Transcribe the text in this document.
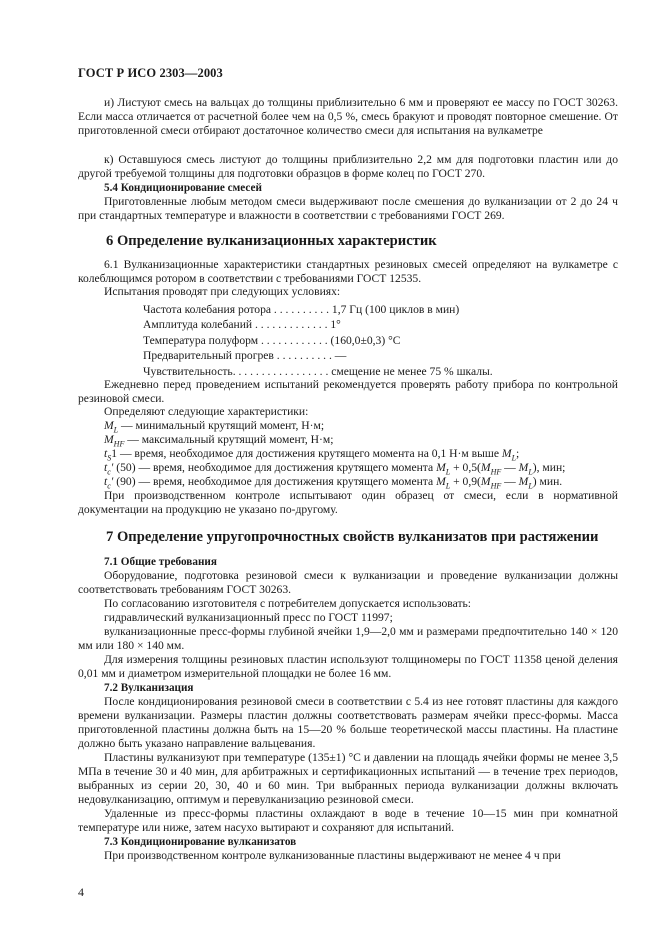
ГОСТ Р ИСО 2303—2003
и) Листуют смесь на вальцах до толщины приблизительно 6 мм и проверяют ее массу по ГОСТ 30263. Если масса отличается от расчетной более чем на 0,5 %, смесь бракуют и проводят повторное смешение. От приготовленной смеси отбирают достаточное количество смеси для испытания на вулкаметре
к) Оставшуюся смесь листуют до толщины приблизительно 2,2 мм для подготовки пластин или до другой требуемой толщины для подготовки образцов в форме колец по ГОСТ 270.
5.4 Кондиционирование смесей
Приготовленные любым методом смеси выдерживают после смешения до вулканизации от 2 до 24 ч при стандартных температуре и влажности в соответствии с требованиями ГОСТ 269.
6 Определение вулканизационных характеристик
6.1 Вулканизационные характеристики стандартных резиновых смесей определяют на вулкаметре с колеблющимся ротором в соответствии с требованиями ГОСТ 12535.
Испытания проводят при следующих условиях:
Частота колебания ротора . . . . . . . . . . 1,7 Гц (100 циклов в мин)
Амплитуда колебаний . . . . . . . . . . . . . 1°
Температура полуформ . . . . . . . . . . . . (160,0±0,3) °С
Предварительный прогрев . . . . . . . . . . —
Чувствительность. . . . . . . . . . . . . . . . . смещение не менее 75 % шкалы.
Ежедневно перед проведением испытаний рекомендуется проверять работу прибора по контрольной резиновой смеси.
Определяют следующие характеристики:
$M_L$ — минимальный крутящий момент, Н·м;
$M_{HF}$ — максимальный крутящий момент, Н·м;
$t_S1$ — время, необходимое для достижения крутящего момента на 0,1 Н·м выше $M_L$;
$t_c'$ (50) — время, необходимое для достижения крутящего момента $M_L + 0,5(M_{HF}$ — $M_L$), мин;
$t_c'$ (90) — время, необходимое для достижения крутящего момента $M_L + 0,9(M_{HF}$ — $M_L$) мин.
При производственном контроле испытывают один образец от смеси, если в нормативной документации на продукцию не указано по-другому.
7 Определение упругопрочностных свойств вулканизатов при растяжении
7.1 Общие требования
Оборудование, подготовка резиновой смеси к вулканизации и проведение вулканизации должны соответствовать требованиям ГОСТ 30263.
По согласованию изготовителя с потребителем допускается использовать:
гидравлический вулканизационный пресс по ГОСТ 11997;
вулканизационные пресс-формы глубиной ячейки 1,9—2,0 мм и размерами предпочтительно 140 × 120 мм или 180 × 140 мм.
Для измерения толщины резиновых пластин используют толщиномеры по ГОСТ 11358 ценой деления 0,01 мм и диаметром измерительной площадки не более 16 мм.
7.2 Вулканизация
После кондиционирования резиновой смеси в соответствии с 5.4 из нее готовят пластины для каждого времени вулканизации. Размеры пластин должны соответствовать размерам ячейки пресс-формы. Масса приготовленной пластины должна быть на 15—20 % больше теоретической массы пластины. На пластине должно быть указано направление вальцевания.
Пластины вулканизуют при температуре (135±1) °С и давлении на площадь ячейки формы не менее 3,5 МПа в течение 30 и 40 мин, для арбитражных и сертификационных испытаний — в течение трех периодов, выбранных из серии 20, 30, 40 и 60 мин. Три выбранных периода вулканизации должны включать недовулканизацию, оптимум и перевулканизацию резиновой смеси.
Удаленные из пресс-формы пластины охлаждают в воде в течение 10—15 мин при комнатной температуре или ниже, затем насухо вытирают и сохраняют для испытаний.
7.3 Кондиционирование вулканизатов
При производственном контроле вулканизованные пластины выдерживают не менее 4 ч при
4
